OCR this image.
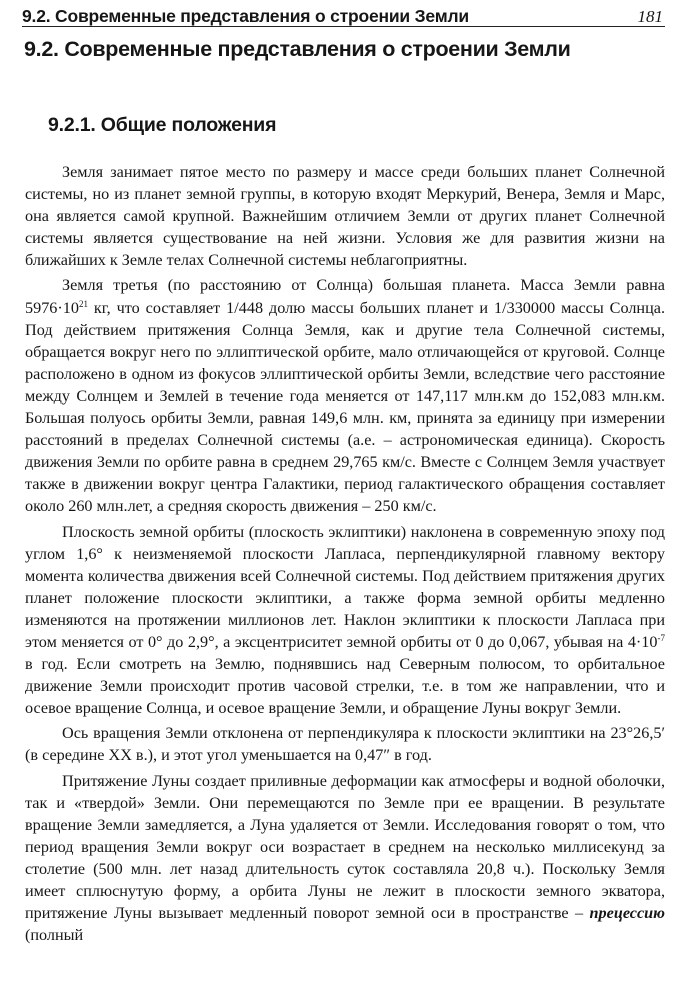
9.2. Современные представления о строении Земли	181
9.2. Современные представления о строении Земли
9.2.1. Общие положения

Земля занимает пятое место по размеру и массе среди больших планет Солнечной системы, но из планет земной группы, в которую входят Меркурий, Венера, Земля и Марс, она является самой крупной. Важнейшим отличием Земли от других планет Солнечной системы является существование на ней жизни. Условия же для развития жизни на ближайших к Земле телах Солнечной системы неблагоприятны.

Земля третья (по расстоянию от Солнца) большая планета. Масса Земли равна $5976\cdot 10^{21}$ кг, что составляет 1/448 долю массы больших планет и 1/330000 массы Солнца. Под действием притяжения Солнца Земля, как и другие тела Солнечной системы, обращается вокруг него по эллиптической орбите, мало отличающейся от круговой. Солнце расположено в одном из фокусов эллиптической орбиты Земли, вследствие чего расстояние между Солнцем и Землей в течение года меняется от 147,117 млн.км до 152,083 млн.км. Большая полуось орбиты Земли, равная 149,6 млн. км, принята за единицу при измерении расстояний в пределах Солнечной системы (а.е. – астрономическая единица). Скорость движения Земли по орбите равна в среднем 29,765 км/с. Вместе с Солнцем Земля участвует также в движении вокруг центра Галактики, период галактического обращения составляет около 260 млн.лет, а средняя скорость движения – 250 км/с.

Плоскость земной орбиты (плоскость эклиптики) наклонена в современную эпоху под углом 1,6° к неизменяемой плоскости Лапласа, перпендикулярной главному вектору момента количества движения всей Солнечной системы. Под действием притяжения других планет положение плоскости эклиптики, а также форма земной орбиты медленно изменяются на протяжении миллионов лет. Наклон эклиптики к плоскости Лапласа при этом меняется от 0° до 2,9°, а эксцентриситет земной орбиты от 0 до 0,067, убывая на $4\cdot 10^{-7}$ в год. Если смотреть на Землю, поднявшись над Северным полюсом, то орбитальное движение Земли происходит против часовой стрелки, т.е. в том же направлении, что и осевое вращение Солнца, и осевое вращение Земли, и обращение Луны вокруг Земли.

Ось вращения Земли отклонена от перпендикуляра к плоскости эклиптики на 23°26,5′ (в середине XX в.), и этот угол уменьшается на 0,47″ в год.

Притяжение Луны создает приливные деформации как атмосферы и водной оболочки, так и «твердой» Земли. Они перемещаются по Земле при ее вращении. В результате вращение Земли замедляется, а Луна удаляется от Земли. Исследования говорят о том, что период вращения Земли вокруг оси возрастает в среднем на несколько миллисекунд за столетие (500 млн. лет назад длительность суток составляла 20,8 ч.). Поскольку Земля имеет сплюснутую форму, а орбита Луны не лежит в плоскости земного экватора, притяжение Луны вызывает медленный поворот земной оси в пространстве – прецессию (полный
